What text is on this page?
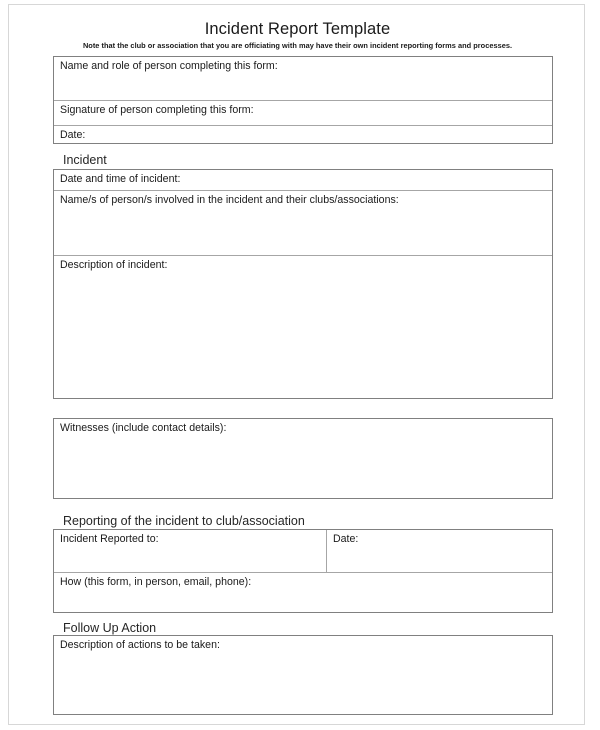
Incident Report Template
Note that the club or association that you are officiating with may have their own incident reporting forms and processes.
Name and role of person completing this form:
Signature of person completing this form:
Date:
Incident
Date and time of incident:
Name/s of person/s involved in the incident and their clubs/associations:
Description of incident:
Witnesses (include contact details):
Reporting of the incident to club/association
Incident Reported to:	Date:
How (this form, in person, email, phone):
Follow Up Action
Description of actions to be taken:
